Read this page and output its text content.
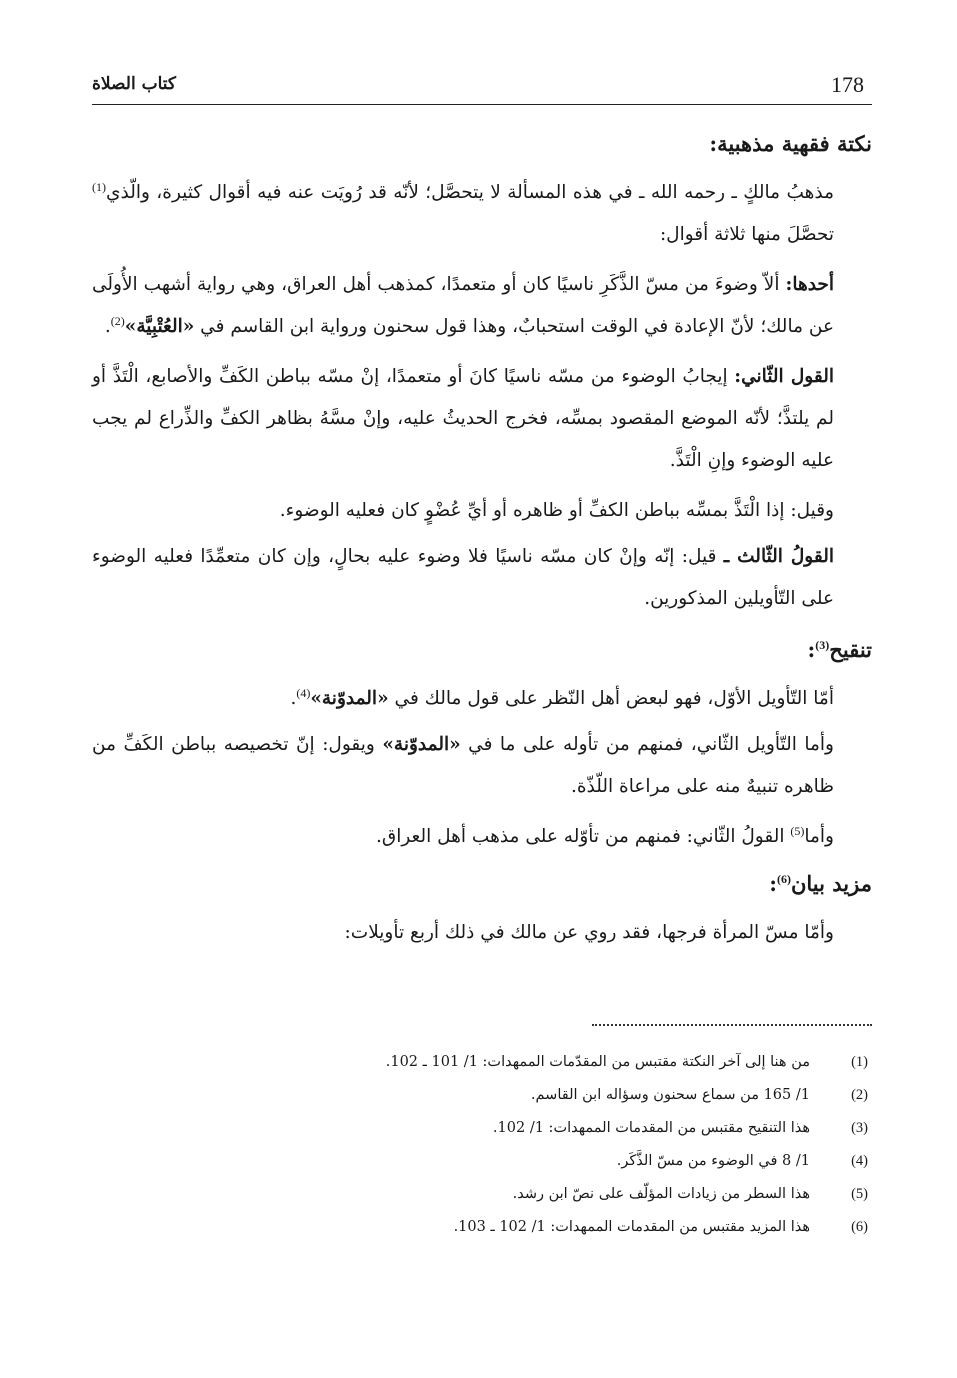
178
كتاب الصلاة
نكتة فقهية مذهبية:

مذهبُ مالكٍ ـ رحمه الله ـ في هذه المسألة لا يتحصَّل؛ لأنّه قد رُويَت عنه فيه أقوال كثيرة، والّذي$^{(1)}$ تحصَّلَ منها ثلاثة أقوال:

أحدها: ألاّ وضوءَ من مسّ الذَّكَرِ ناسيًا كان أو متعمدًا، كمذهب أهل العراق، وهي رواية أشهب الأُولَى عن مالك؛ لأنّ الإعادة في الوقت استحبابٌ، وهذا قول سحنون ورواية ابن القاسم في «العُتْبِيَّة»$^{(2)}$.

القول الثّاني: إيجابُ الوضوء من مسّه ناسيًا كانَ أو متعمدًا، إنْ مسّه بباطن الكَفِّ والأصابع، الْتَذَّ أو لم يلتذَّ؛ لأنّه الموضع المقصود بمسِّه، فخرج الحديثُ عليه، وإنْ مسَّهُ بظاهر الكفِّ والذِّراع لم يجب عليه الوضوء وإنِ الْتَذَّ.

وقيل: إذا الْتَذَّ بمسِّه بباطن الكفِّ أو ظاهره أو أيِّ عُضْوٍ كان فعليه الوضوء.

القولُ الثّالث ـ قيل: إنّه وإنْ كان مسّه ناسيًا فلا وضوء عليه بحالٍ، وإن كان متعمِّدًا فعليه الوضوء على التّأويلين المذكورين.

تنقيح$^{(3)}$:

أمّا التّأويل الأوّل، فهو لبعض أهل النّظر على قول مالك في «المدوّنة»$^{(4)}$.

وأما التّأويل الثّاني، فمنهم من تأوله على ما في «المدوّنة» ويقول: إنّ تخصيصه بباطن الكَفِّ من ظاهره تنبيهٌ منه على مراعاة اللّذّة.

وأما$^{(5)}$ القولُ الثّاني: فمنهم من تأوّله على مذهب أهل العراق.

مزيد بيان$^{(6)}$:

وأمّا مسّ المرأة فرجها، فقد روي عن مالك في ذلك أربع تأويلات:

(1)
من هنا إلى آخر النكتة مقتبس من المقدّمات الممهدات: 1/ 101 ـ 102.
(2)
1/ 165 من سماع سحنون وسؤاله ابن القاسم.
(3)
هذا التنقيح مقتبس من المقدمات الممهدات: 1/ 102.
(4)
1/ 8 في الوضوء من مسّ الذَّكَر.
(5)
هذا السطر من زيادات المؤلّف على نصّ ابن رشد.
(6)
هذا المزيد مقتبس من المقدمات الممهدات: 1/ 102 ـ 103.
